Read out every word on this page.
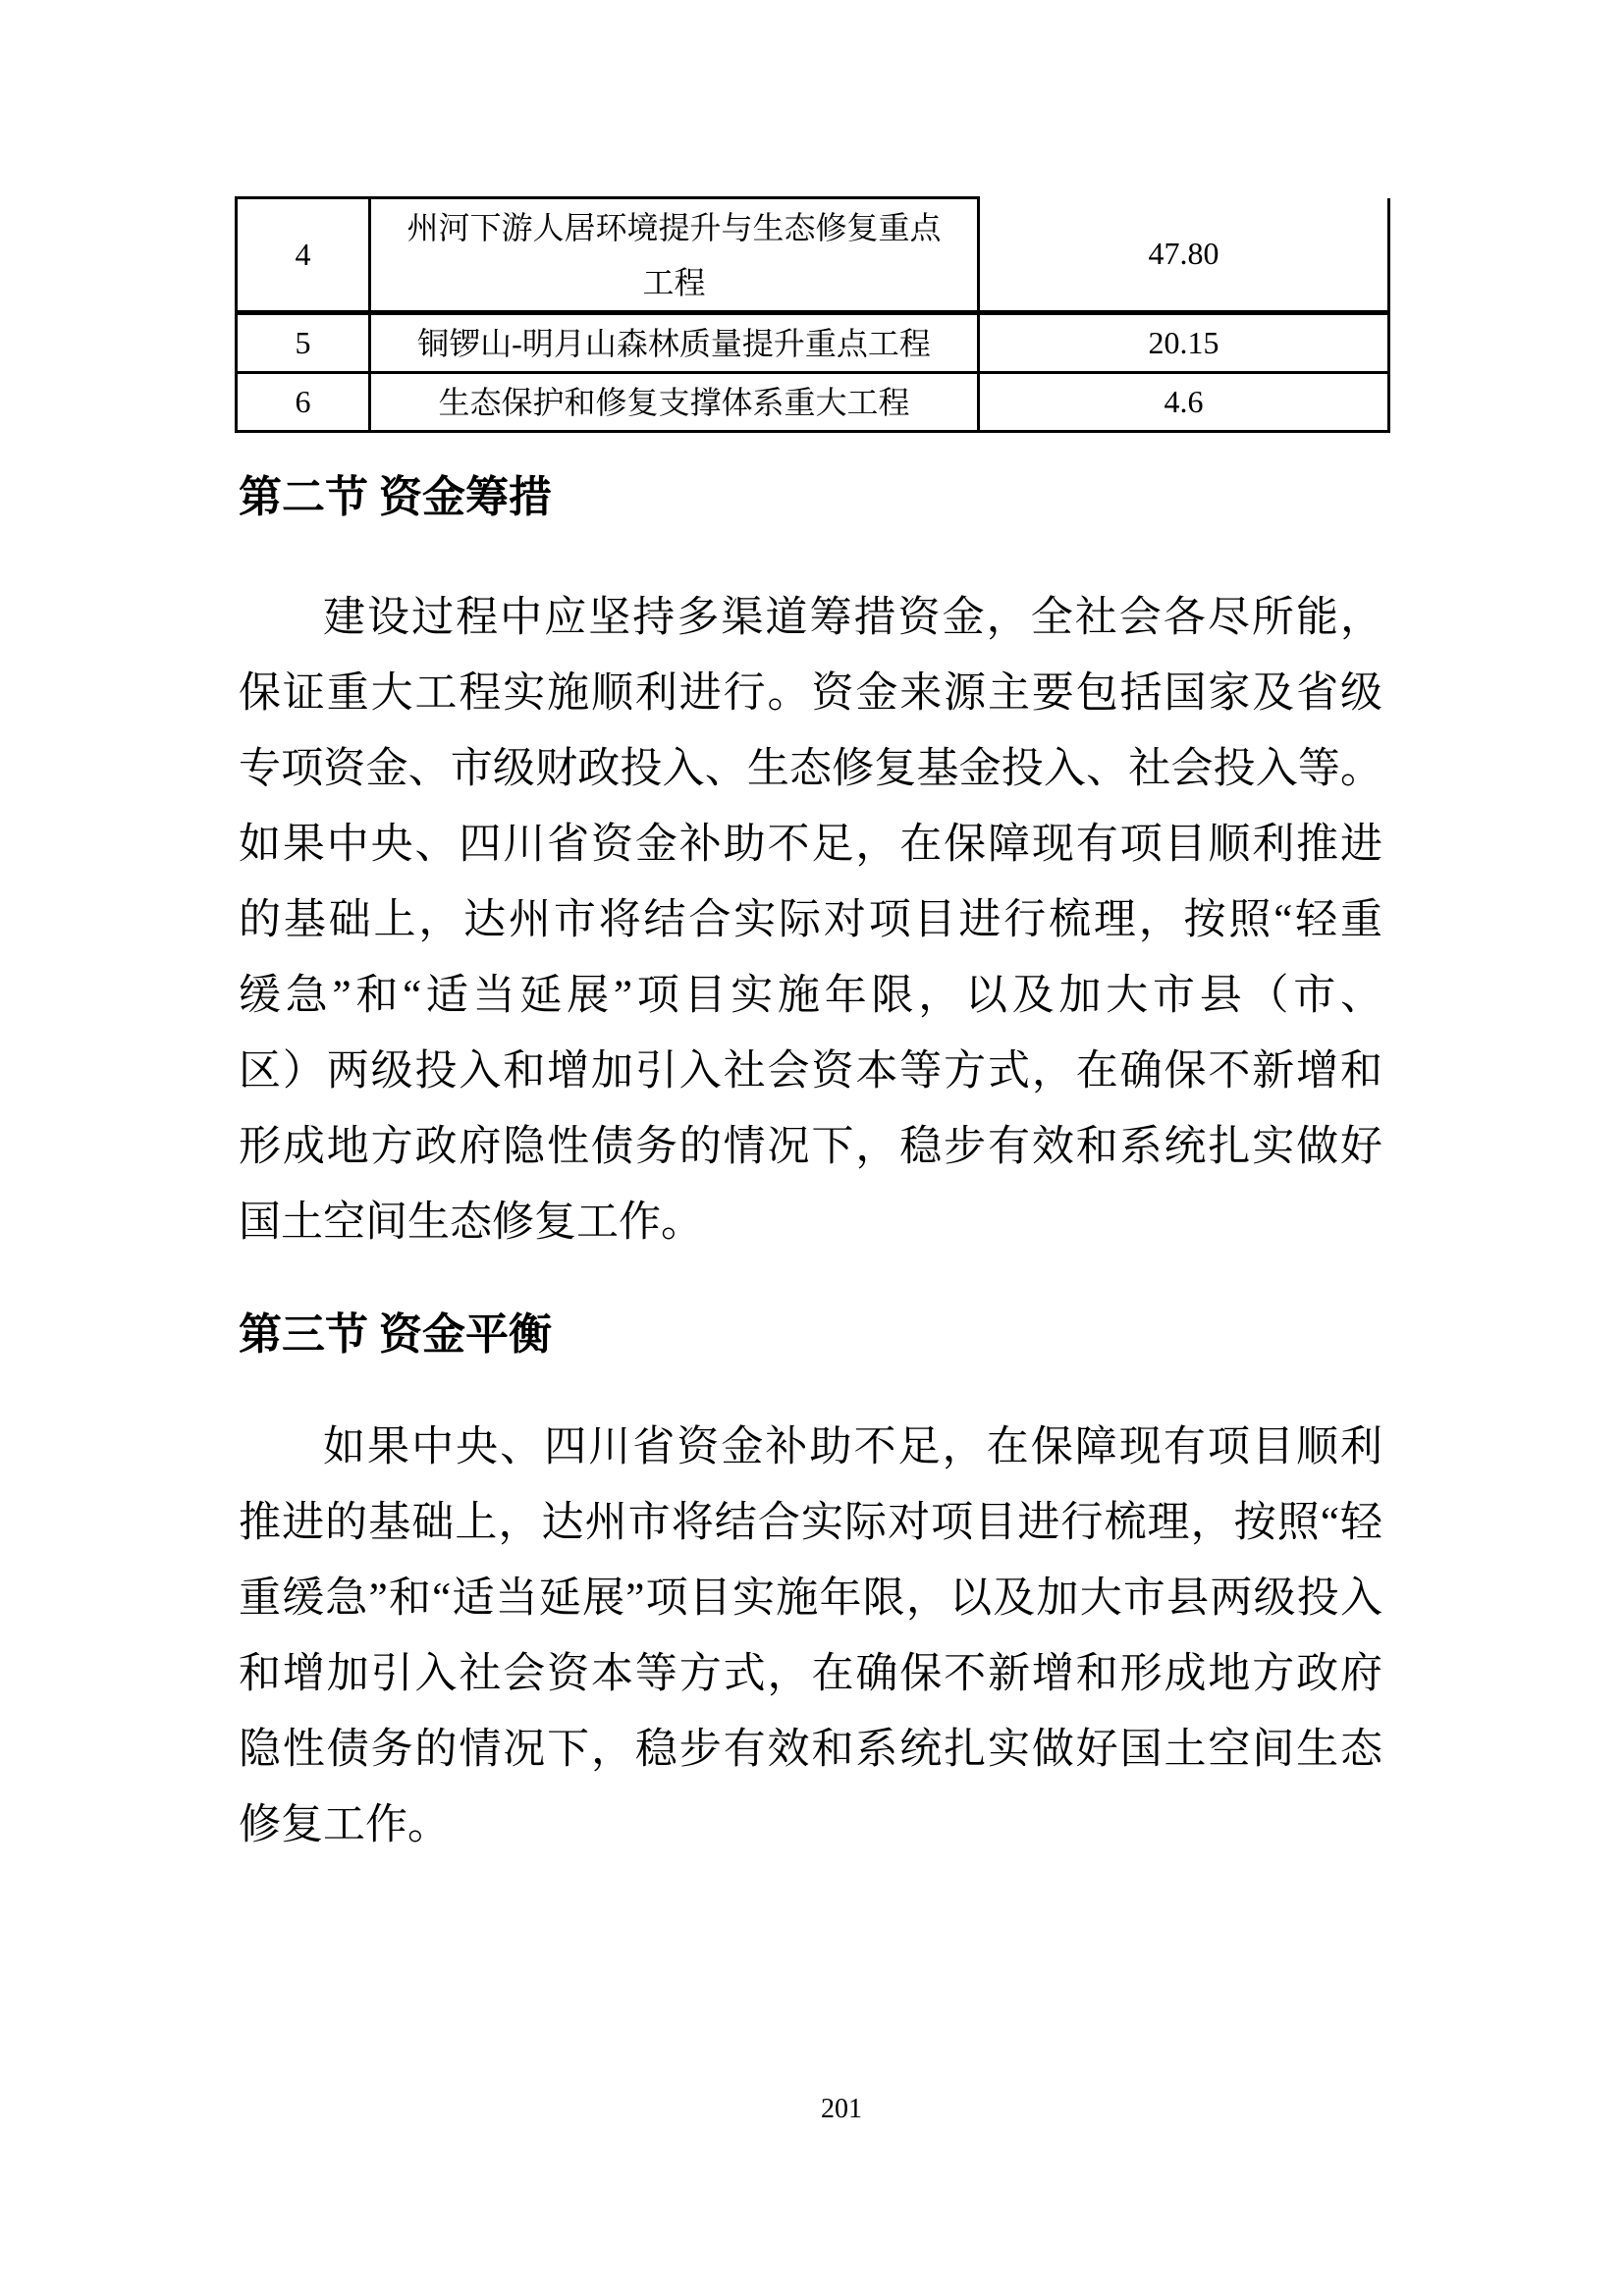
4	州河下游人居环境提升与生态修复重点工程	47.80
5	铜锣山-明月山森林质量提升重点工程	20.15
6	生态保护和修复支撑体系重大工程	4.6
第二节 资金筹措
建设过程中应坚持多渠道筹措资金，全社会各尽所能，
保证重大工程实施顺利进行。资金来源主要包括国家及省级
专项资金、市级财政投入、生态修复基金投入、社会投入等。
如果中央、四川省资金补助不足，在保障现有项目顺利推进
的基础上，达州市将结合实际对项目进行梳理，按照“轻重
缓急”和“适当延展”项目实施年限，以及加大市县（市、
区）两级投入和增加引入社会资本等方式，在确保不新增和
形成地方政府隐性债务的情况下，稳步有效和系统扎实做好
国土空间生态修复工作。
第三节 资金平衡
如果中央、四川省资金补助不足，在保障现有项目顺利
推进的基础上，达州市将结合实际对项目进行梳理，按照“轻
重缓急”和“适当延展”项目实施年限，以及加大市县两级投入
和增加引入社会资本等方式，在确保不新增和形成地方政府
隐性债务的情况下，稳步有效和系统扎实做好国土空间生态
修复工作。
201
